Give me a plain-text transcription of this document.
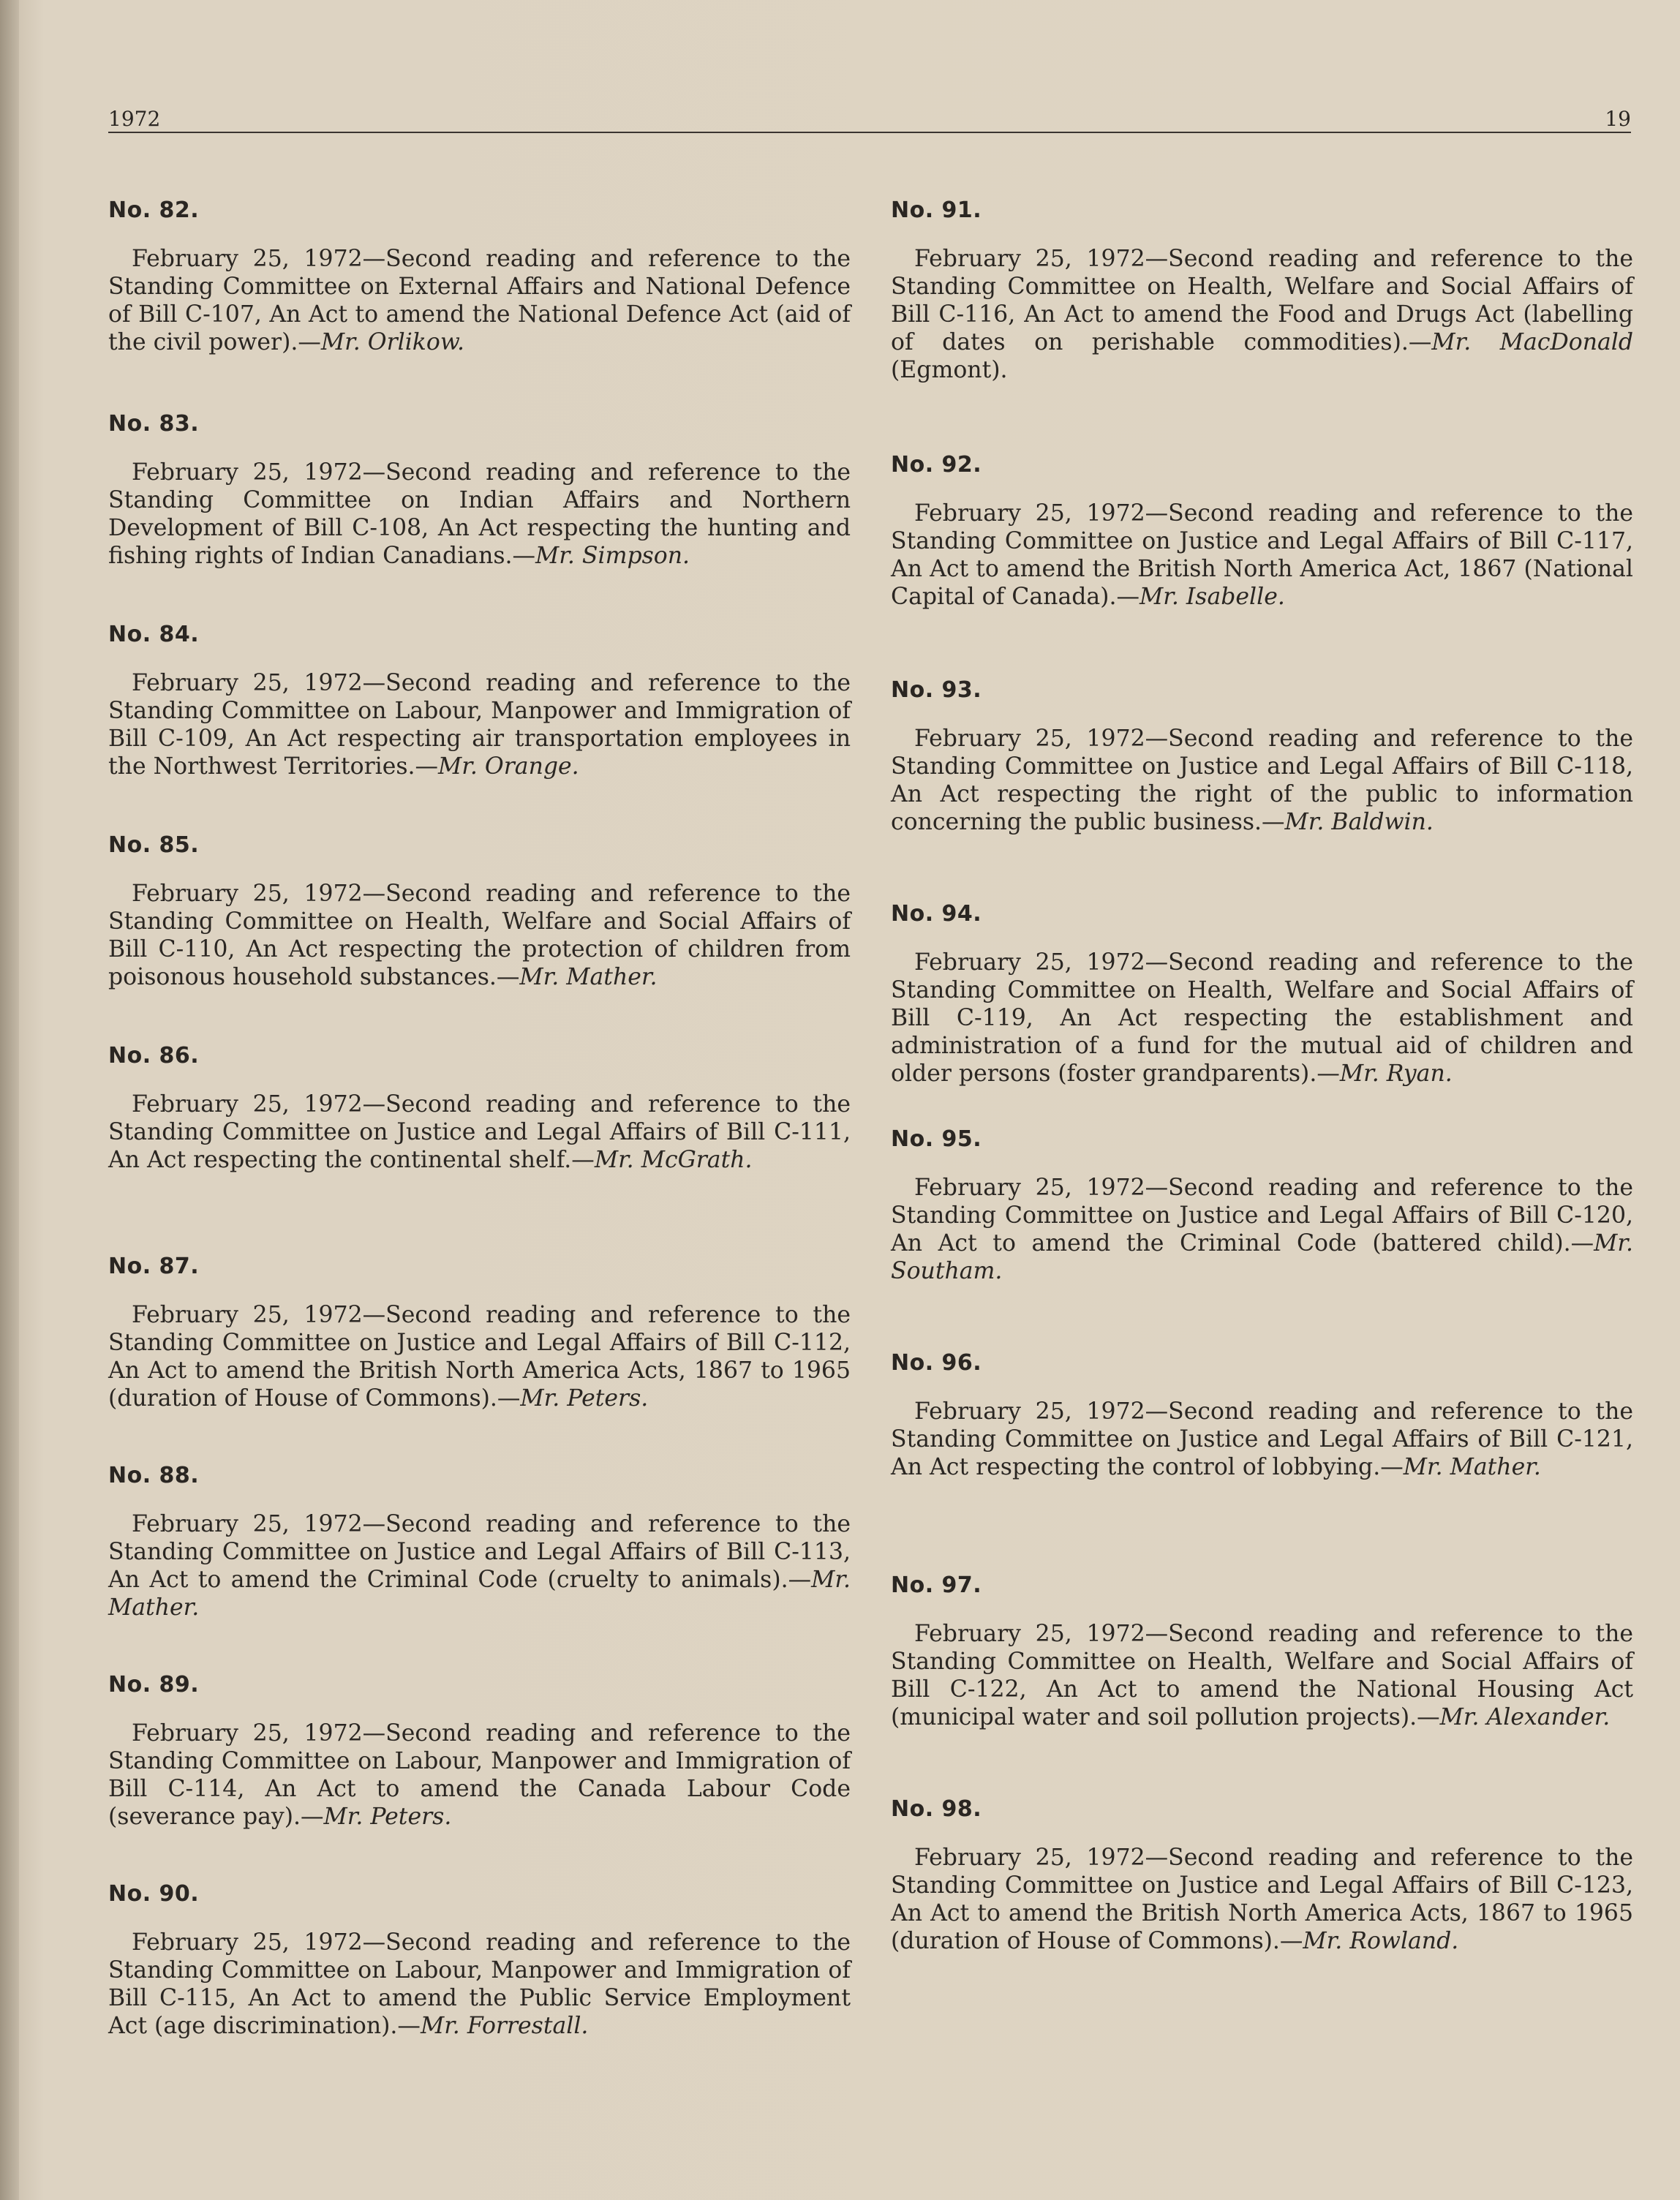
1972	19
No. 82.

February 25, 1972—Second reading and reference to the Standing Committee on External Affairs and National Defence of Bill C-107, An Act to amend the National Defence Act (aid of the civil power).—Mr. Orlikow.

No. 83.

February 25, 1972—Second reading and reference to the Standing Committee on Indian Affairs and Northern Development of Bill C-108, An Act respecting the hunting and fishing rights of Indian Canadians.—Mr. Simpson.

No. 84.

February 25, 1972—Second reading and reference to the Standing Committee on Labour, Manpower and Immigration of Bill C-109, An Act respecting air transportation employees in the Northwest Territories.—Mr. Orange.

No. 85.

February 25, 1972—Second reading and reference to the Standing Committee on Health, Welfare and Social Affairs of Bill C-110, An Act respecting the protection of children from poisonous household substances.—Mr. Mather.

No. 86.

February 25, 1972—Second reading and reference to the Standing Committee on Justice and Legal Affairs of Bill C-111, An Act respecting the continental shelf.—Mr. McGrath.

No. 87.

February 25, 1972—Second reading and reference to the Standing Committee on Justice and Legal Affairs of Bill C-112, An Act to amend the British North America Acts, 1867 to 1965 (duration of House of Commons).—Mr. Peters.

No. 88.

February 25, 1972—Second reading and reference to the Standing Committee on Justice and Legal Affairs of Bill C-113, An Act to amend the Criminal Code (cruelty to animals).—Mr. Mather.

No. 89.

February 25, 1972—Second reading and reference to the Standing Committee on Labour, Manpower and Immigration of Bill C-114, An Act to amend the Canada Labour Code (severance pay).—Mr. Peters.

No. 90.

February 25, 1972—Second reading and reference to the Standing Committee on Labour, Manpower and Immigration of Bill C-115, An Act to amend the Public Service Employment Act (age discrimination).—Mr. Forrestall.

No. 91.

February 25, 1972—Second reading and reference to the Standing Committee on Health, Welfare and Social Affairs of Bill C-116, An Act to amend the Food and Drugs Act (labelling of dates on perishable commodities).—Mr. MacDonald (Egmont).

No. 92.

February 25, 1972—Second reading and reference to the Standing Committee on Justice and Legal Affairs of Bill C-117, An Act to amend the British North America Act, 1867 (National Capital of Canada).—Mr. Isabelle.

No. 93.

February 25, 1972—Second reading and reference to the Standing Committee on Justice and Legal Affairs of Bill C-118, An Act respecting the right of the public to information concerning the public business.—Mr. Baldwin.

No. 94.

February 25, 1972—Second reading and reference to the Standing Committee on Health, Welfare and Social Affairs of Bill C-119, An Act respecting the establishment and administration of a fund for the mutual aid of children and older persons (foster grandparents).—Mr. Ryan.

No. 95.

February 25, 1972—Second reading and reference to the Standing Committee on Justice and Legal Affairs of Bill C-120, An Act to amend the Criminal Code (battered child).—Mr. Southam.

No. 96.

February 25, 1972—Second reading and reference to the Standing Committee on Justice and Legal Affairs of Bill C-121, An Act respecting the control of lobbying.—Mr. Mather.

No. 97.

February 25, 1972—Second reading and reference to the Standing Committee on Health, Welfare and Social Affairs of Bill C-122, An Act to amend the National Housing Act (municipal water and soil pollution projects).—Mr. Alexander.

No. 98.

February 25, 1972—Second reading and reference to the Standing Committee on Justice and Legal Affairs of Bill C-123, An Act to amend the British North America Acts, 1867 to 1965 (duration of House of Commons).—Mr. Rowland.
